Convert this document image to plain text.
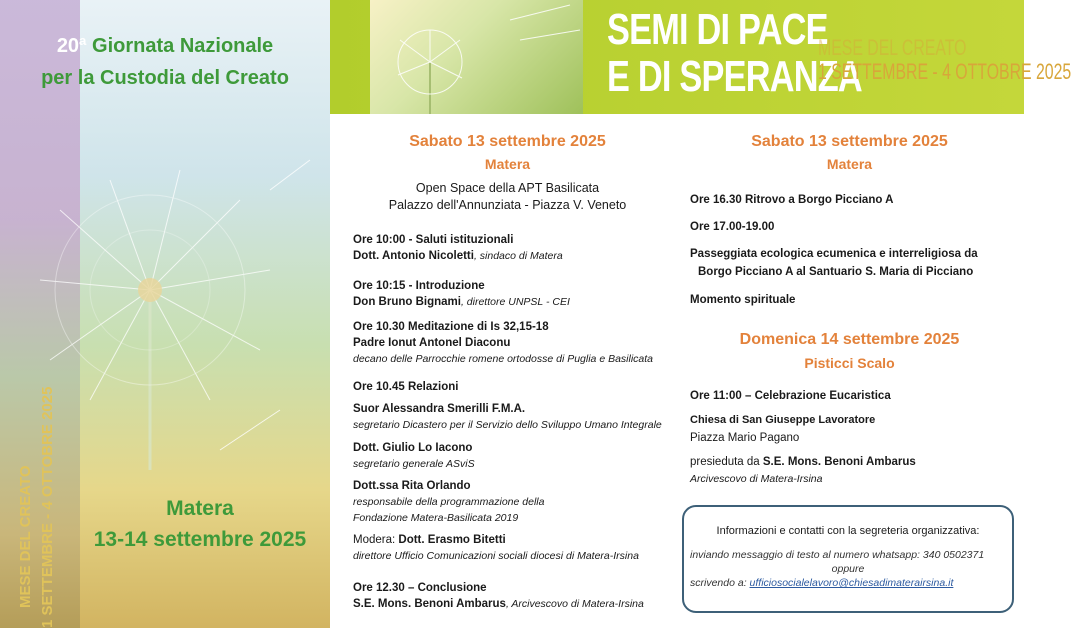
MESE DEL CREATO 1 SETTEMBRE - 4 OTTOBRE 2025
20ª Giornata Nazionale
per la Custodia del Creato
Matera
13-14 settembre 2025
SEMI DI PACE
E DI SPERANZA
MESE DEL CREATO
1 SETTEMBRE - 4 OTTOBRE 2025
Sabato 13 settembre 2025
Matera
Open Space della APT Basilicata
Palazzo dell'Annunziata - Piazza V. Veneto
Ore 10:00 - Saluti istituzionali
Dott. Antonio Nicoletti, sindaco di Matera
Ore 10:15 - Introduzione
Don Bruno Bignami, direttore UNPSL - CEI
Ore 10.30 Meditazione di Is 32,15-18
Padre Ionut Antonel Diaconu
decano delle Parrocchie romene ortodosse di Puglia e Basilicata
Ore 10.45 Relazioni
Suor Alessandra Smerilli F.M.A.
segretario Dicastero per il Servizio dello Sviluppo Umano Integrale
Dott. Giulio Lo Iacono
segretario generale ASviS
Dott.ssa Rita Orlando
responsabile della programmazione della
Fondazione Matera-Basilicata 2019
Modera: Dott. Erasmo Bitetti
direttore Ufficio Comunicazioni sociali diocesi di Matera-Irsina
Ore 12.30 – Conclusione
S.E. Mons. Benoni Ambarus, Arcivescovo di Matera-Irsina
Sabato 13 settembre 2025
Matera
Ore 16.30 Ritrovo a Borgo Picciano A
Ore 17.00-19.00
Passeggiata ecologica ecumenica e interreligiosa da
Borgo Picciano A al Santuario S. Maria di Picciano
Momento spirituale
Domenica 14 settembre 2025
Pisticci Scalo
Ore 11:00 – Celebrazione Eucaristica
Chiesa di San Giuseppe Lavoratore
Piazza Mario Pagano
presieduta da S.E. Mons. Benoni Ambarus
Arcivescovo di Matera-Irsina
Informazioni e contatti con la segreteria organizzativa:
inviando messaggio di testo al numero whatsapp: 340 0502371
oppure
scrivendo a: ufficiosocialelavoro@chiesadimaterairsina.it
